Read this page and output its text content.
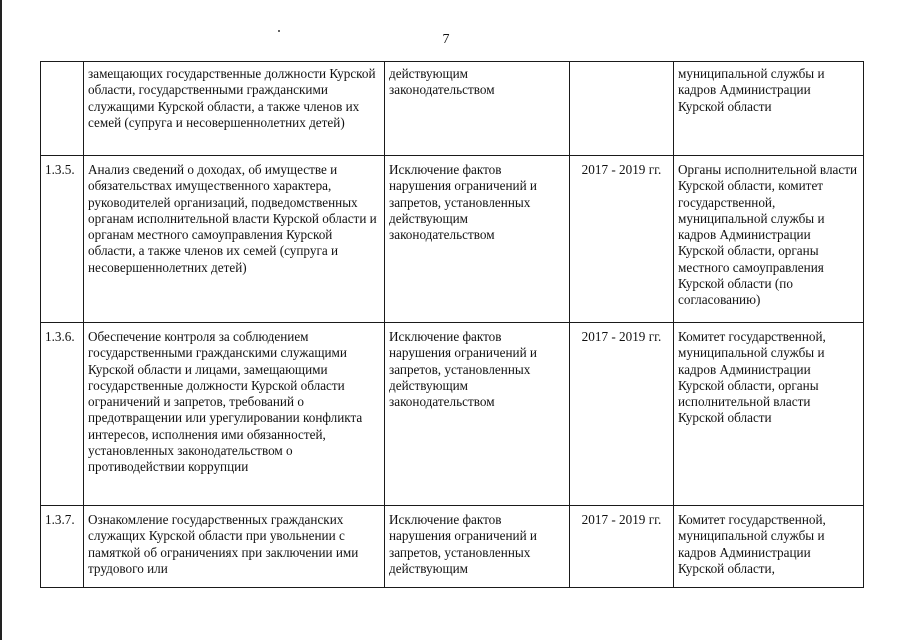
7
	замещающих государственные должности Курской области, государственными гражданскими служащими Курской области, а также членов их семей (супруга и несовершеннолетних детей)	действующим законодательством		муниципальной службы и кадров Администрации Курской области
1.3.5.	Анализ сведений о доходах, об имуществе и обязательствах имущественного характера, руководителей организаций, подведомственных органам исполнительной власти Курской области и органам местного самоуправления Курской области, а также членов их семей (супруга и несовершеннолетних детей)	Исключение фактов нарушения ограничений и запретов, установленных действующим законодательством	2017 - 2019 гг.	Органы исполнительной власти Курской области, комитет государственной, муниципальной службы и кадров Администрации Курской области, органы местного самоуправления Курской области (по согласованию)
1.3.6.	Обеспечение контроля за соблюдением государственными гражданскими служащими Курской области и лицами, замещающими государственные должности Курской области ограничений и запретов, требований о предотвращении или урегулировании конфликта интересов, исполнения ими обязанностей, установленных законодательством о противодействии коррупции	Исключение фактов нарушения ограничений и запретов, установленных действующим законодательством	2017 - 2019 гг.	Комитет государственной, муниципальной службы и кадров Администрации Курской области, органы исполнительной власти Курской области
1.3.7.	Ознакомление государственных гражданских служащих Курской области при увольнении с памяткой об ограничениях при заключении ими трудового или	Исключение фактов нарушения ограничений и запретов, установленных действующим	2017 - 2019 гг.	Комитет государственной, муниципальной службы и кадров Администрации Курской области,
